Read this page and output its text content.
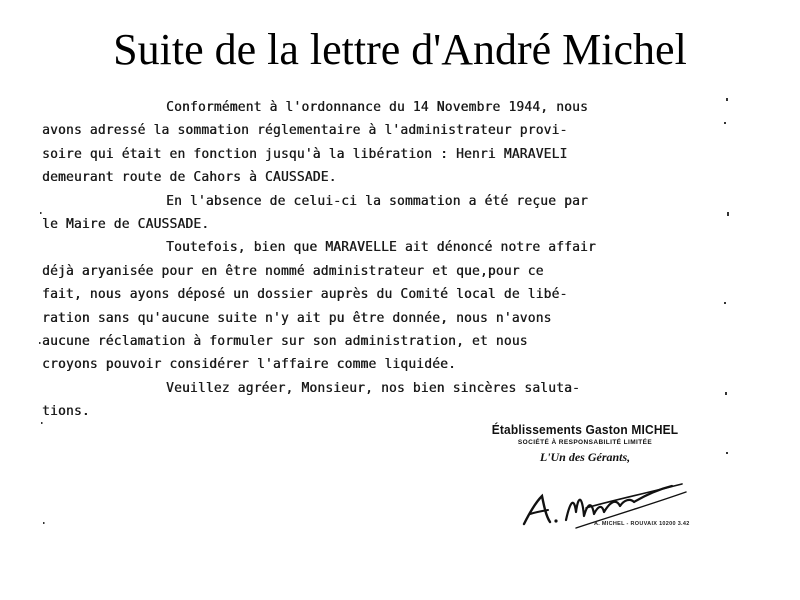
Suite de la lettre d'André Michel
Conformément à l'ordonnance du 14 Novembre 1944, nous
avons adressé la sommation réglementaire à l'administrateur provi-
soire qui était en fonction jusqu'à la libération : Henri MARAVELI
demeurant route de Cahors à CAUSSADE.
En l'absence de celui-ci la sommation a été reçue par
le Maire de CAUSSADE.
Toutefois, bien que MARAVELLE ait dénoncé notre affair
déjà aryanisée pour en être nommé administrateur et que,pour ce
fait, nous ayons déposé un dossier auprès du Comité local de libé-
ration sans qu'aucune suite n'y ait pu être donnée, nous n'avons
aucune réclamation à formuler sur son administration, et nous
croyons pouvoir considérer l'affaire comme liquidée.
Veuillez agréer, Monsieur, nos bien sincères saluta-
tions.
Établissements Gaston MICHEL
SOCIÉTÉ À RESPONSABILITÉ LIMITÉE
L'Un des Gérants,
A. MICHEL - ROUVAIX 10200 3.42
